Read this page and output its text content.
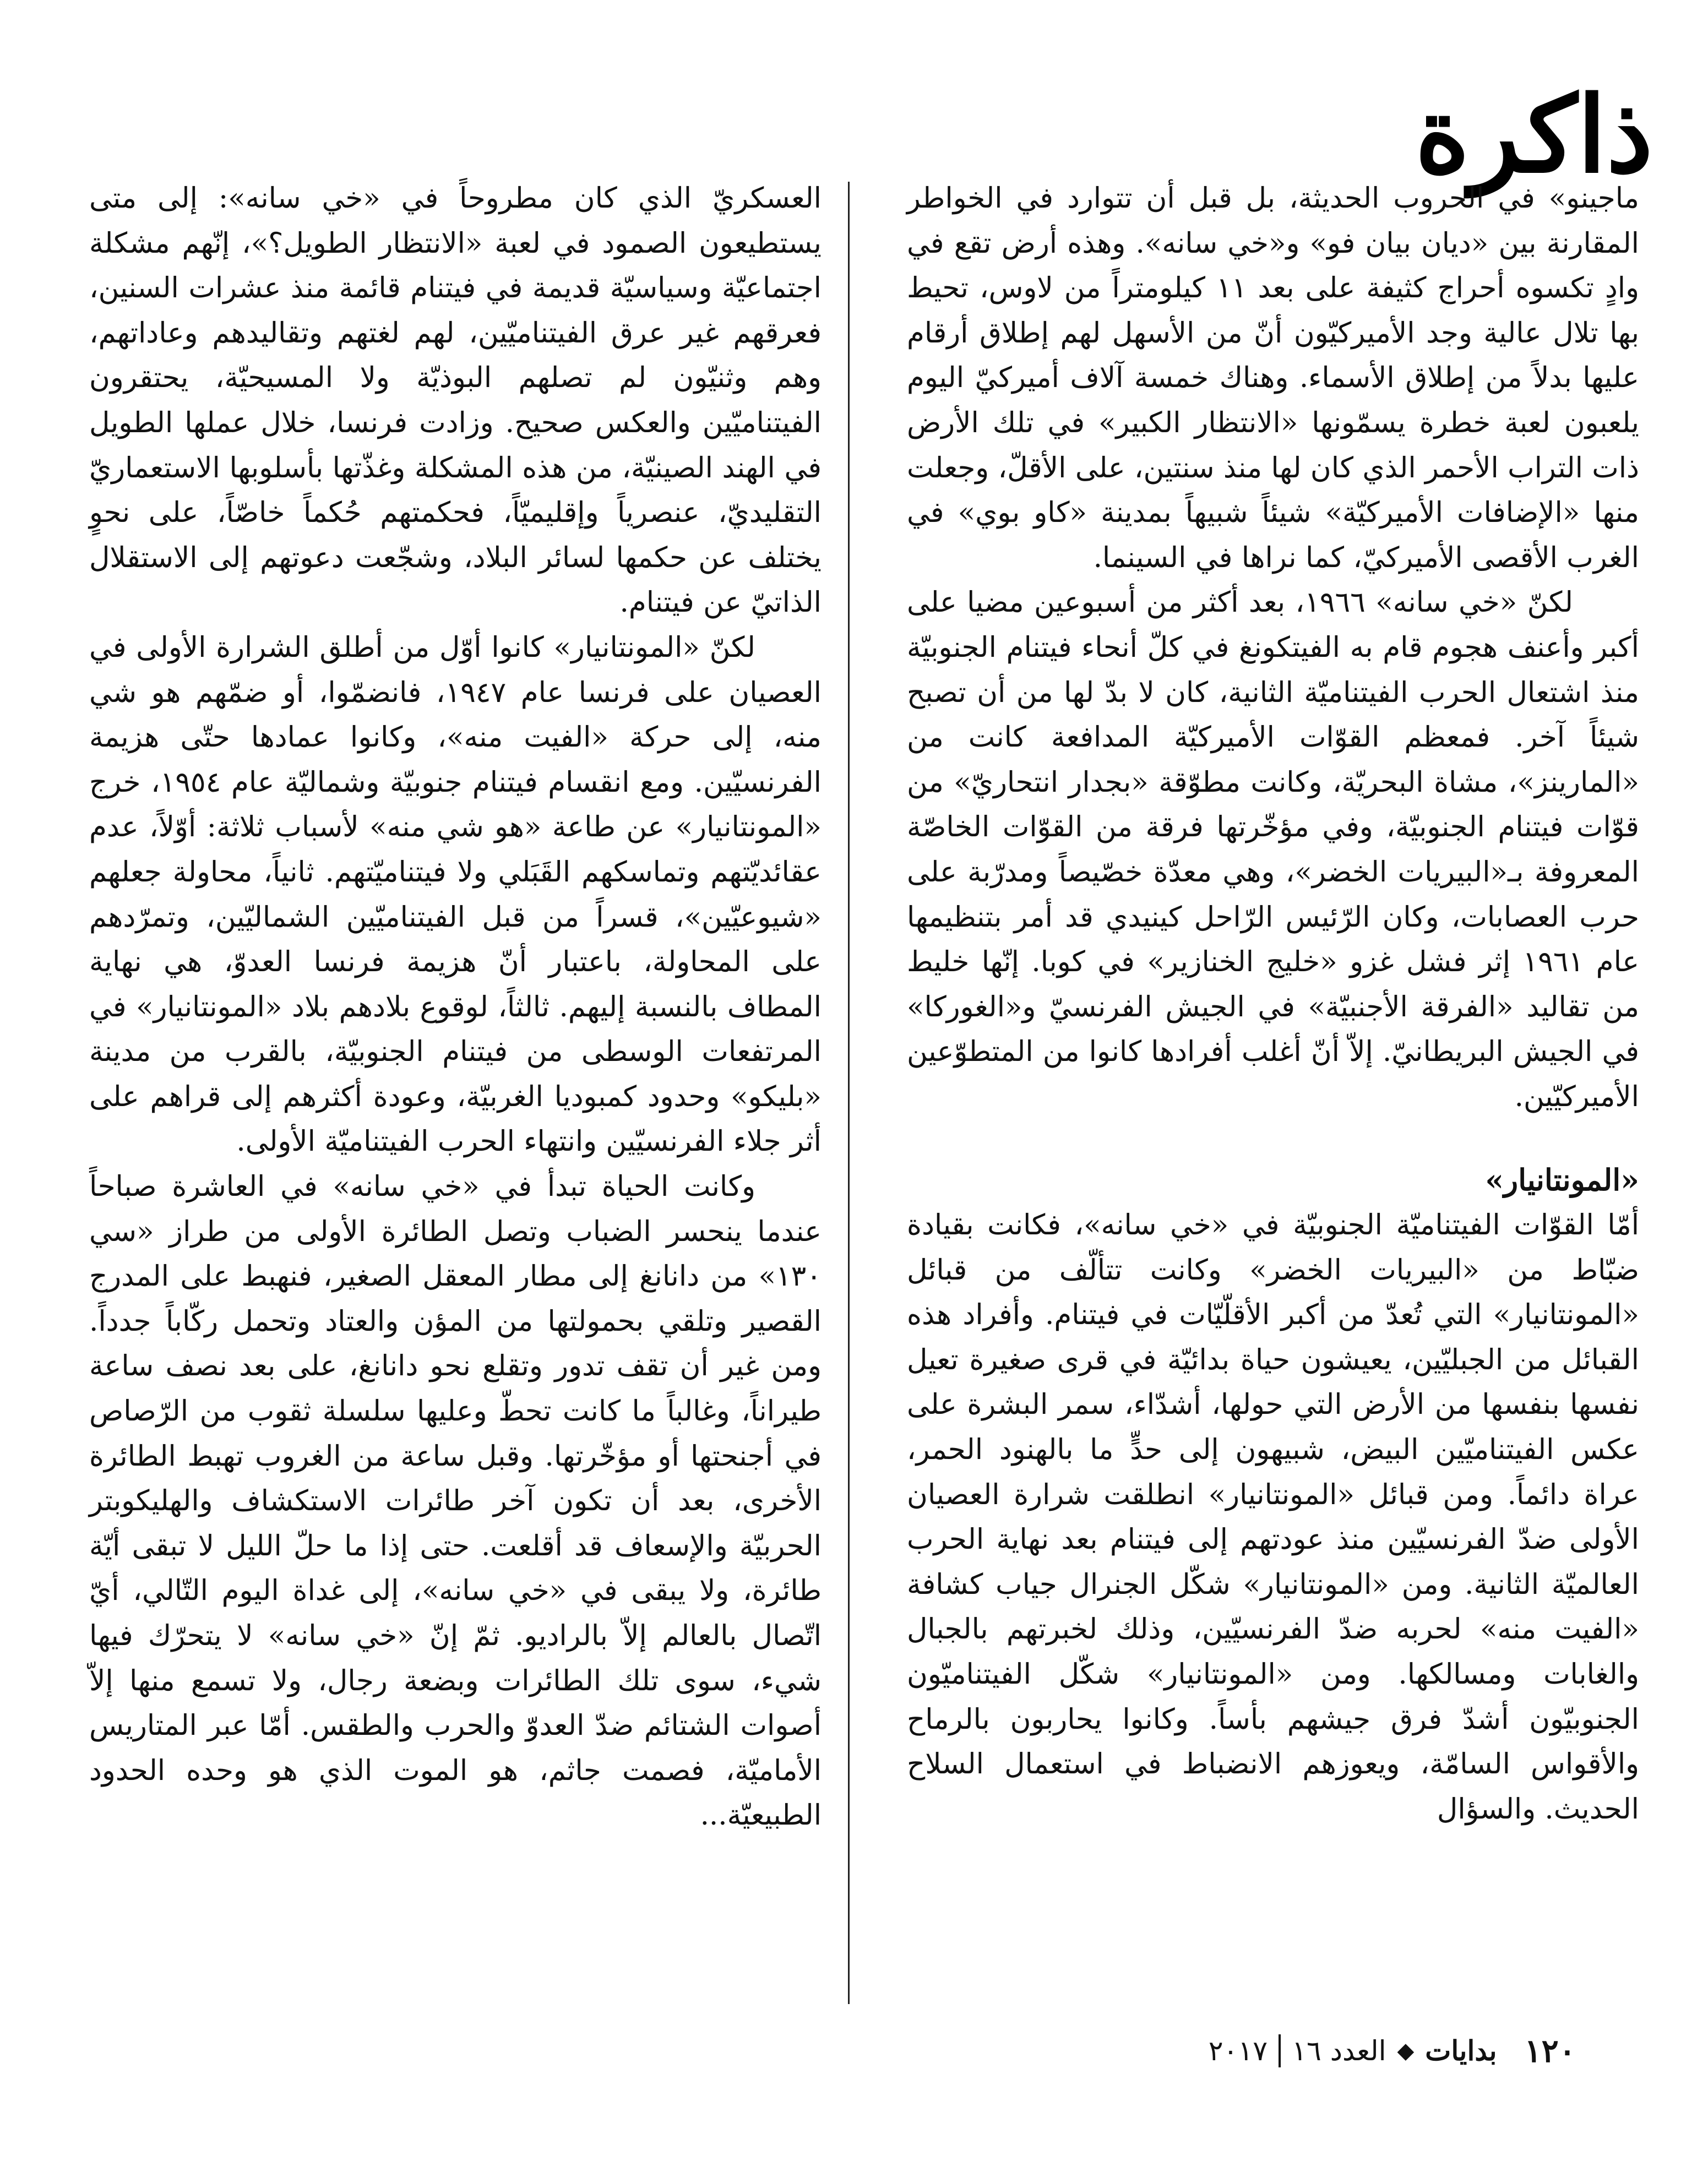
ذاكرة

ماجينو» في الحروب الحديثة، بل قبل أن تتوارد في الخواطر المقارنة بين «ديان بيان فو» و«خي سانه». وهذه أرض تقع في وادٍ تكسوه أحراج كثيفة على بعد ١١ كيلومتراً من لاوس، تحيط بها تلال عالية وجد الأميركيّون أنّ من الأسهل لهم إطلاق أرقام عليها بدلاً من إطلاق الأسماء. وهناك خمسة آلاف أميركيّ اليوم يلعبون لعبة خطرة يسمّونها «الانتظار الكبير» في تلك الأرض ذات التراب الأحمر الذي كان لها منذ سنتين، على الأقلّ، وجعلت منها «الإضافات الأميركيّة» شيئاً شبيهاً بمدينة «كاو بوي» في الغرب الأقصى الأميركيّ، كما نراها في السينما.

لكنّ «خي سانه» ١٩٦٦، بعد أكثر من أسبوعين مضيا على أكبر وأعنف هجوم قام به الفيتكونغ في كلّ أنحاء فيتنام الجنوبيّة منذ اشتعال الحرب الفيتناميّة الثانية، كان لا بدّ لها من أن تصبح شيئاً آخر. فمعظم القوّات الأميركيّة المدافعة كانت من «المارينز»، مشاة البحريّة، وكانت مطوّقة «بجدار انتحاريّ» من قوّات فيتنام الجنوبيّة، وفي مؤخّرتها فرقة من القوّات الخاصّة المعروفة بـ«البيريات الخضر»، وهي معدّة خصّيصاً ومدرّبة على حرب العصابات، وكان الرّئيس الرّاحل كينيدي قد أمر بتنظيمها عام ١٩٦١ إثر فشل غزو «خليج الخنازير» في كوبا. إنّها خليط من تقاليد «الفرقة الأجنبيّة» في الجيش الفرنسيّ و«الغوركا» في الجيش البريطانيّ. إلاّ أنّ أغلب أفرادها كانوا من المتطوّعين الأميركيّين.

«المونتانيار»

أمّا القوّات الفيتناميّة الجنوبيّة في «خي سانه»، فكانت بقيادة ضبّاط من «البيريات الخضر» وكانت تتألّف من قبائل «المونتانيار» التي تُعدّ من أكبر الأقلّيّات في فيتنام. وأفراد هذه القبائل من الجبليّين، يعيشون حياة بدائيّة في قرى صغيرة تعيل نفسها بنفسها من الأرض التي حولها، أشدّاء، سمر البشرة على عكس الفيتناميّين البيض، شبيهون إلى حدٍّ ما بالهنود الحمر، عراة دائماً. ومن قبائل «المونتانيار» انطلقت شرارة العصيان الأولى ضدّ الفرنسيّين منذ عودتهم إلى فيتنام بعد نهاية الحرب العالميّة الثانية. ومن «المونتانيار» شكّل الجنرال جياب كشافة «الفيت منه» لحربه ضدّ الفرنسيّين، وذلك لخبرتهم بالجبال والغابات ومسالكها. ومن «المونتانيار» شكّل الفيتناميّون الجنوبيّون أشدّ فرق جيشهم بأساً. وكانوا يحاربون بالرماح والأقواس السامّة، ويعوزهم الانضباط في استعمال السلاح الحديث. والسؤال

العسكريّ الذي كان مطروحاً في «خي سانه»: إلى متى يستطيعون الصمود في لعبة «الانتظار الطويل؟»، إنّهم مشكلة اجتماعيّة وسياسيّة قديمة في فيتنام قائمة منذ عشرات السنين، فعرقهم غير عرق الفيتناميّين، لهم لغتهم وتقاليدهم وعاداتهم، وهم وثنيّون لم تصلهم البوذيّة ولا المسيحيّة، يحتقرون الفيتناميّين والعكس صحيح. وزادت فرنسا، خلال عملها الطويل في الهند الصينيّة، من هذه المشكلة وغذّتها بأسلوبها الاستعماريّ التقليديّ، عنصرياً وإقليميّاً، فحكمتهم حُكماً خاصّاً، على نحوٍ يختلف عن حكمها لسائر البلاد، وشجّعت دعوتهم إلى الاستقلال الذاتيّ عن فيتنام.

لكنّ «المونتانيار» كانوا أوّل من أطلق الشرارة الأولى في العصيان على فرنسا عام ١٩٤٧، فانضمّوا، أو ضمّهم هو شي منه، إلى حركة «الفيت منه»، وكانوا عمادها حتّى هزيمة الفرنسيّين. ومع انقسام فيتنام جنوبيّة وشماليّة عام ١٩٥٤، خرج «المونتانيار» عن طاعة «هو شي منه» لأسباب ثلاثة: أوّلاً، عدم عقائديّتهم وتماسكهم القَبَلي ولا فيتناميّتهم. ثانياً، محاولة جعلهم «شيوعيّين»، قسراً من قبل الفيتناميّين الشماليّين، وتمرّدهم على المحاولة، باعتبار أنّ هزيمة فرنسا العدوّ، هي نهاية المطاف بالنسبة إليهم. ثالثاً، لوقوع بلادهم بلاد «المونتانيار» في المرتفعات الوسطى من فيتنام الجنوبيّة، بالقرب من مدينة «بليكو» وحدود كمبوديا الغربيّة، وعودة أكثرهم إلى قراهم على أثر جلاء الفرنسيّين وانتهاء الحرب الفيتناميّة الأولى.

وكانت الحياة تبدأ في «خي سانه» في العاشرة صباحاً عندما ينحسر الضباب وتصل الطائرة الأولى من طراز «سي ١٣٠» من دانانغ إلى مطار المعقل الصغير، فنهبط على المدرج القصير وتلقي بحمولتها من المؤن والعتاد وتحمل ركّاباً جدداً. ومن غير أن تقف تدور وتقلع نحو دانانغ، على بعد نصف ساعة طيراناً، وغالباً ما كانت تحطّ وعليها سلسلة ثقوب من الرّصاص في أجنحتها أو مؤخّرتها. وقبل ساعة من الغروب تهبط الطائرة الأخرى، بعد أن تكون آخر طائرات الاستكشاف والهليكوبتر الحربيّة والإسعاف قد أقلعت. حتى إذا ما حلّ الليل لا تبقى أيّة طائرة، ولا يبقى في «خي سانه»، إلى غداة اليوم التّالي، أيّ اتّصال بالعالم إلاّ بالراديو. ثمّ إنّ «خي سانه» لا يتحرّك فيها شيء، سوى تلك الطائرات وبضعة رجال، ولا تسمع منها إلاّ أصوات الشتائم ضدّ العدوّ والحرب والطقس. أمّا عبر المتاريس الأماميّة، فصمت جاثم، هو الموت الذي هو وحده الحدود الطبيعيّة...

١٢٠
بدايات
◆
العدد ١٦
٢٠١٧
